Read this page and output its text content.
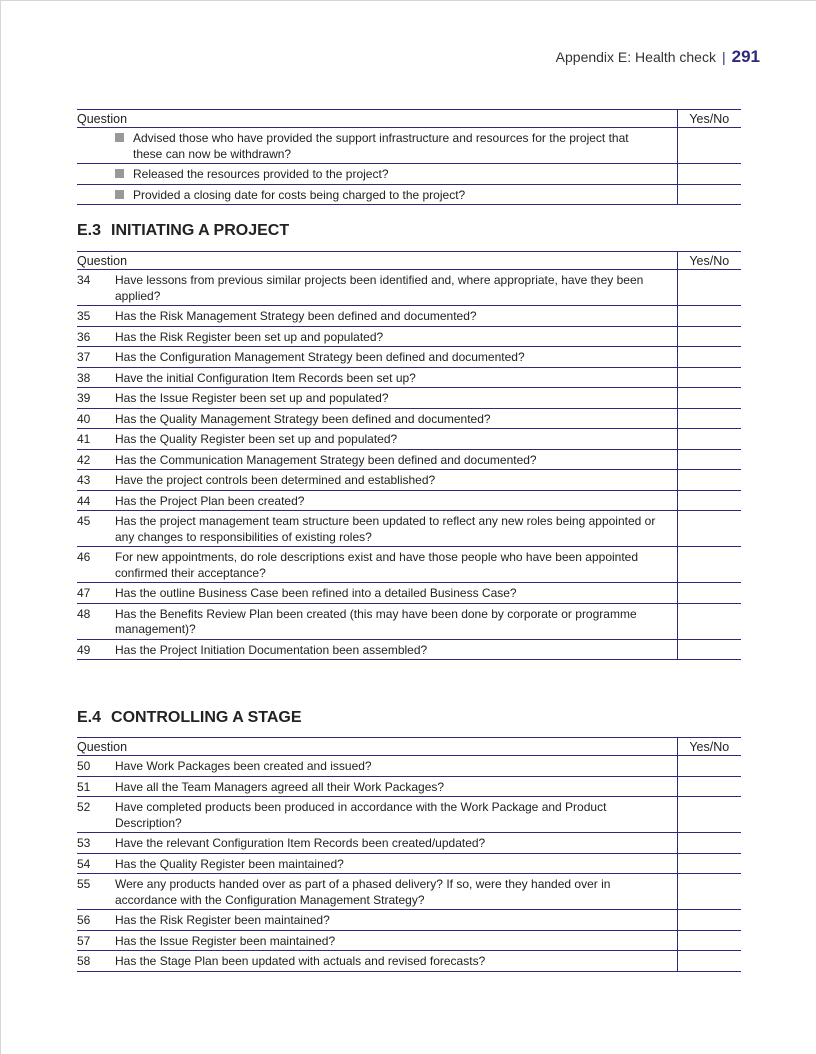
Appendix E: Health check | 291
Question		Yes/No
	Advised those who have provided the support infrastructure and resources for the project that these can now be withdrawn?	
	Released the resources provided to the project?	
	Provided a closing date for costs being charged to the project?	
E.3 INITIATING A PROJECT
Question		Yes/No
34	Have lessons from previous similar projects been identified and, where appropriate, have they been applied?	
35	Has the Risk Management Strategy been defined and documented?	
36	Has the Risk Register been set up and populated?	
37	Has the Configuration Management Strategy been defined and documented?	
38	Have the initial Configuration Item Records been set up?	
39	Has the Issue Register been set up and populated?	
40	Has the Quality Management Strategy been defined and documented?	
41	Has the Quality Register been set up and populated?	
42	Has the Communication Management Strategy been defined and documented?	
43	Have the project controls been determined and established?	
44	Has the Project Plan been created?	
45	Has the project management team structure been updated to reflect any new roles being appointed or any changes to responsibilities of existing roles?	
46	For new appointments, do role descriptions exist and have those people who have been appointed confirmed their acceptance?	
47	Has the outline Business Case been refined into a detailed Business Case?	
48	Has the Benefits Review Plan been created (this may have been done by corporate or programme management)?	
49	Has the Project Initiation Documentation been assembled?	
E.4 CONTROLLING A STAGE
Question		Yes/No
50	Have Work Packages been created and issued?	
51	Have all the Team Managers agreed all their Work Packages?	
52	Have completed products been produced in accordance with the Work Package and Product Description?	
53	Have the relevant Configuration Item Records been created/updated?	
54	Has the Quality Register been maintained?	
55	Were any products handed over as part of a phased delivery? If so, were they handed over in accordance with the Configuration Management Strategy?	
56	Has the Risk Register been maintained?	
57	Has the Issue Register been maintained?	
58	Has the Stage Plan been updated with actuals and revised forecasts?	
